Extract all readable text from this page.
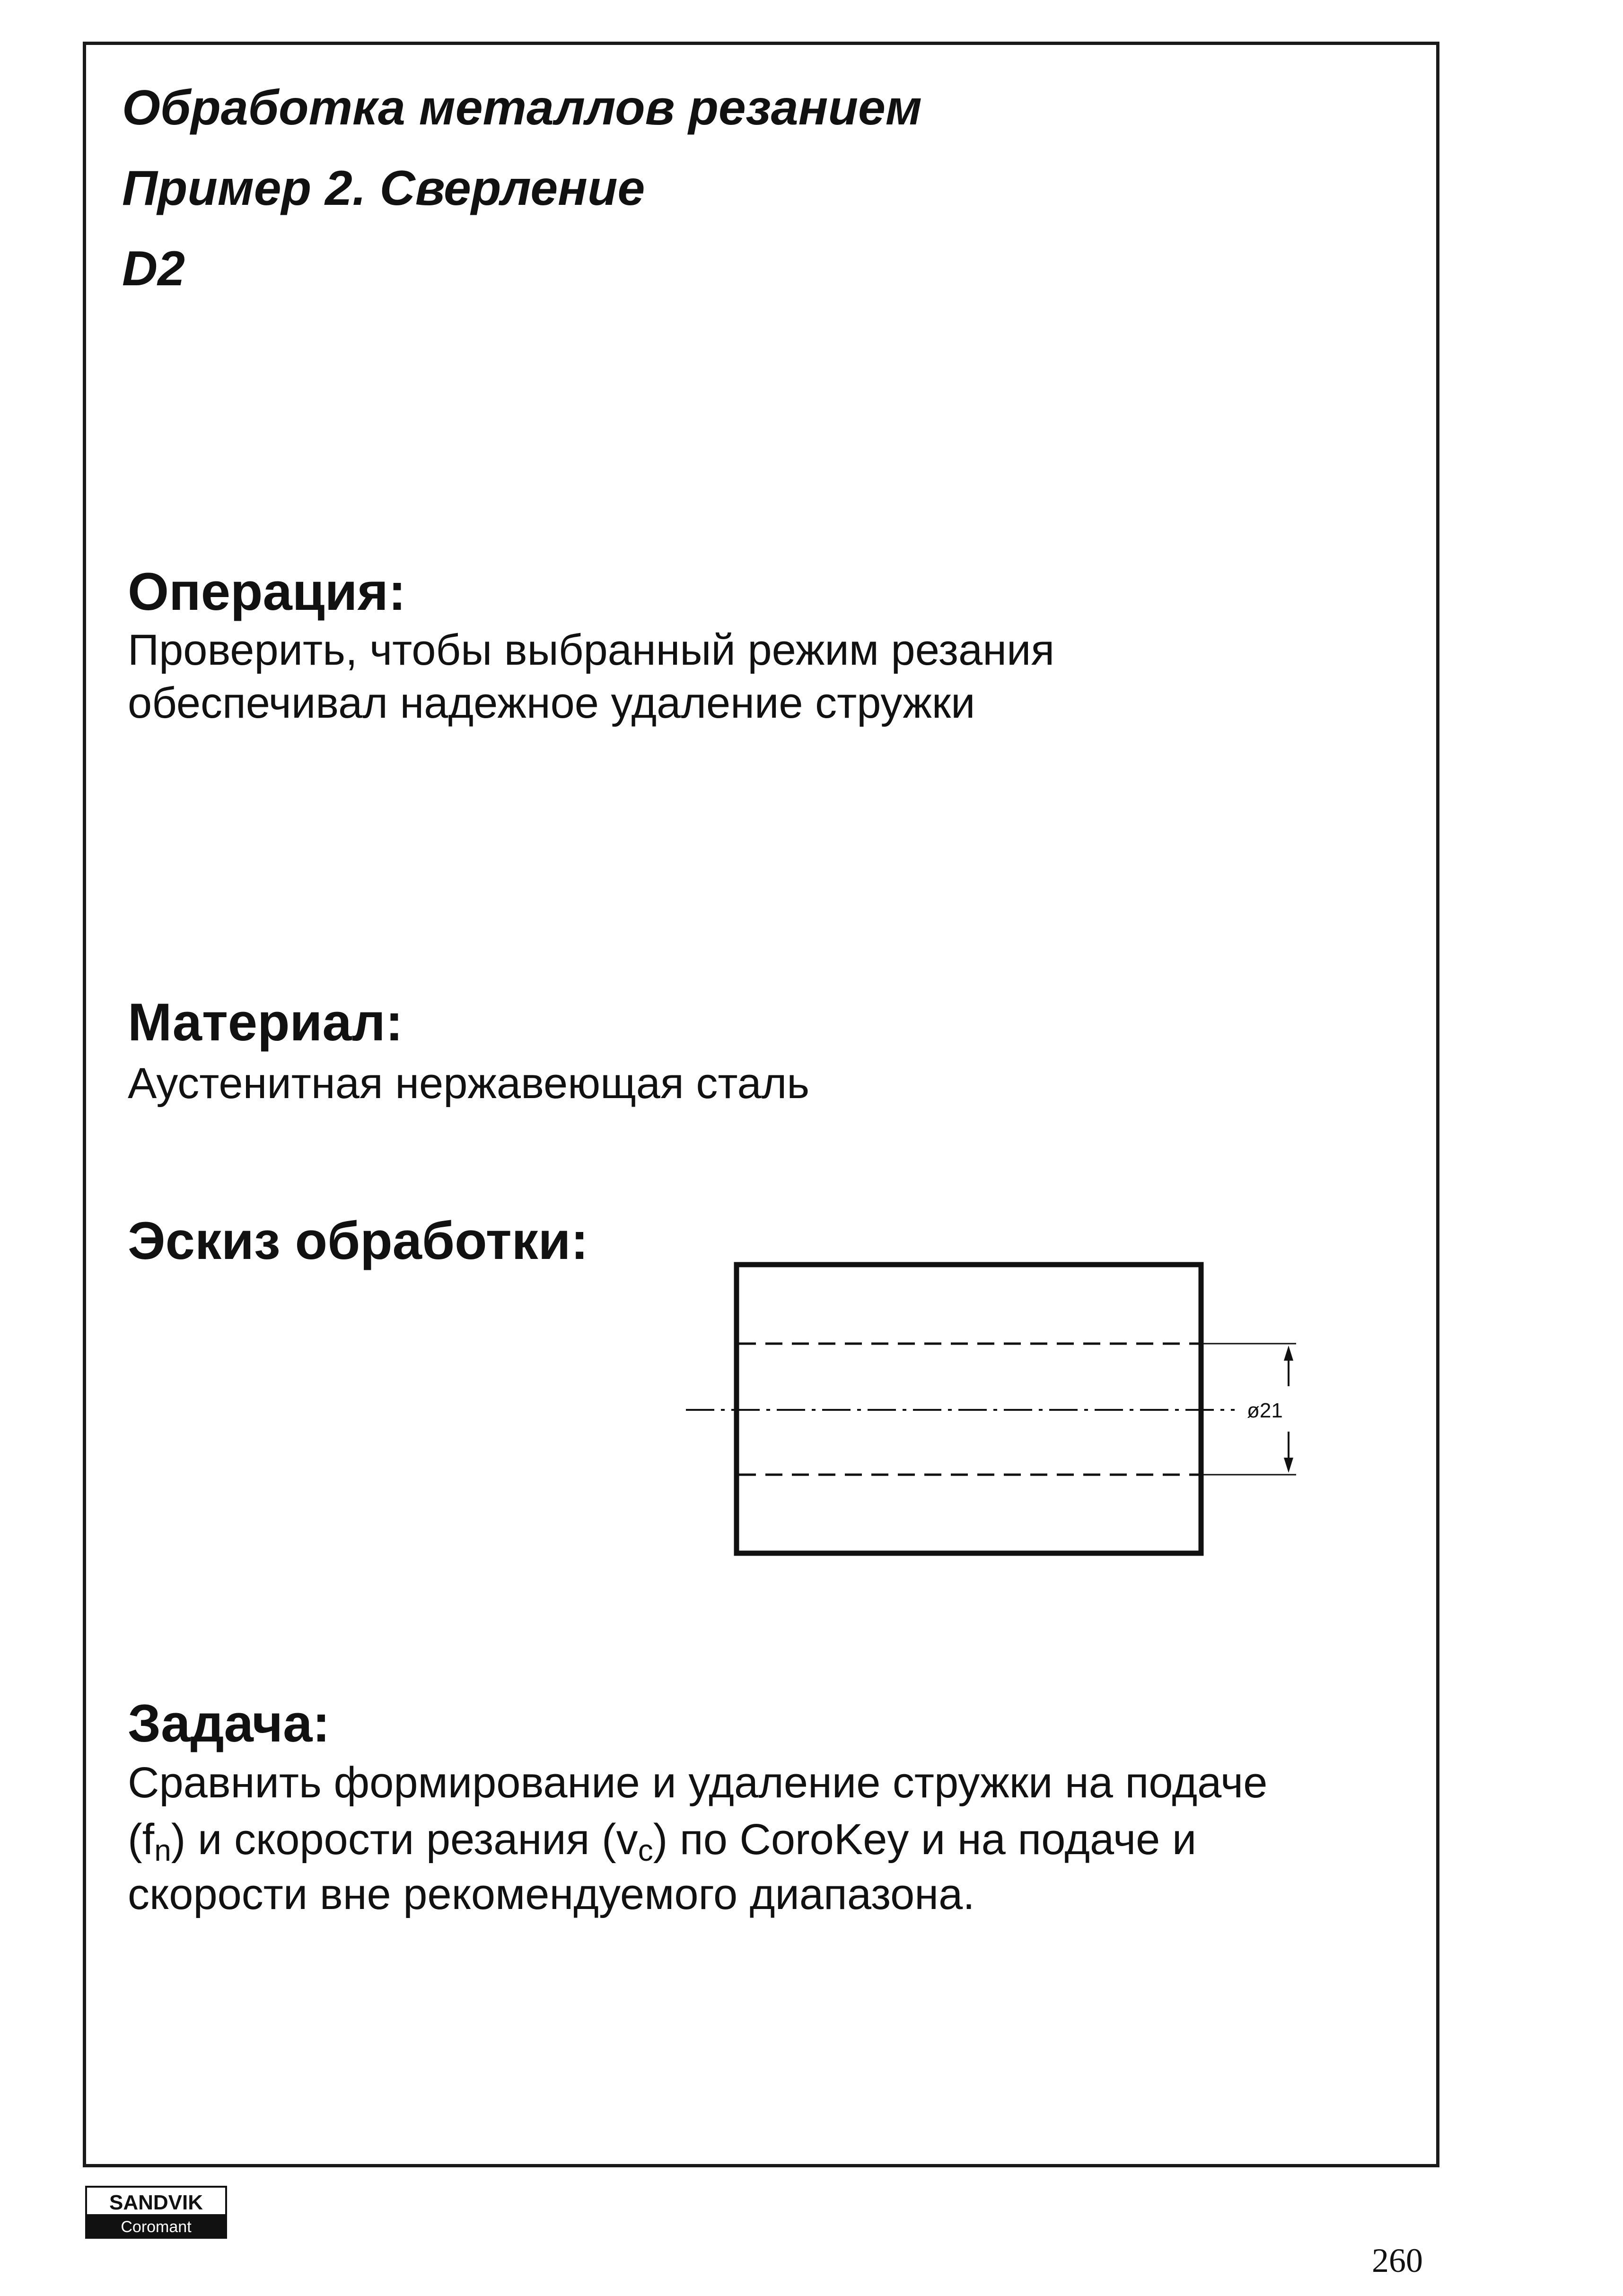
Обработка металлов резанием
Пример 2. Сверление
D2
Операция:
Проверить, чтобы выбранный режим резания
обеспечивал надежное удаление стружки
Материал:
Аустенитная нержавеющая сталь
Эскиз обработки:
ø21
Задача:
Сравнить формирование и удаление стружки на подаче
$(f_n)$ и скорости резания $(v_c)$ по CoroKey и на подаче и
скорости вне рекомендуемого диапазона.
SANDVIK
Coromant
260
